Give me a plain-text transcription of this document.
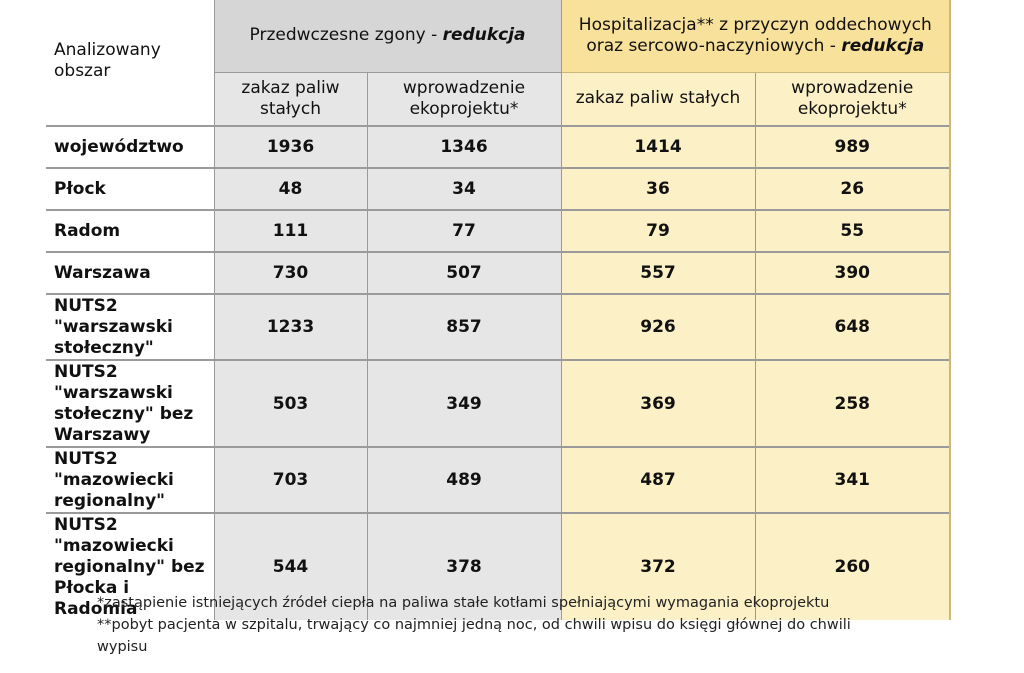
Analizowany obszar	Przedwczesne zgony - redukcja		Hospitalizacja** z przyczyn oddechowych
oraz sercowo-naczyniowych - redukcja	
	zakaz paliw stałych	wprowadzenie ekoprojektu*	zakaz paliw stałych	wprowadzenie ekoprojektu*
województwo	1936	1346	1414	989
Płock	48	34	36	26
Radom	111	77	79	55
Warszawa	730	507	557	390
NUTS2 "warszawski stołeczny"	1233	857	926	648
NUTS2 "warszawski stołeczny" bez Warszawy	503	349	369	258
NUTS2 "mazowiecki regionalny"	703	489	487	341
NUTS2 "mazowiecki regionalny" bez Płocka i Radomia	544	378	372	260
*zastąpienie istniejących źródeł ciepła na paliwa stałe kotłami spełniającymi wymagania ekoprojektu
**pobyt pacjenta w szpitalu, trwający co najmniej jedną noc, od chwili wpisu do księgi głównej do chwili wypisu
